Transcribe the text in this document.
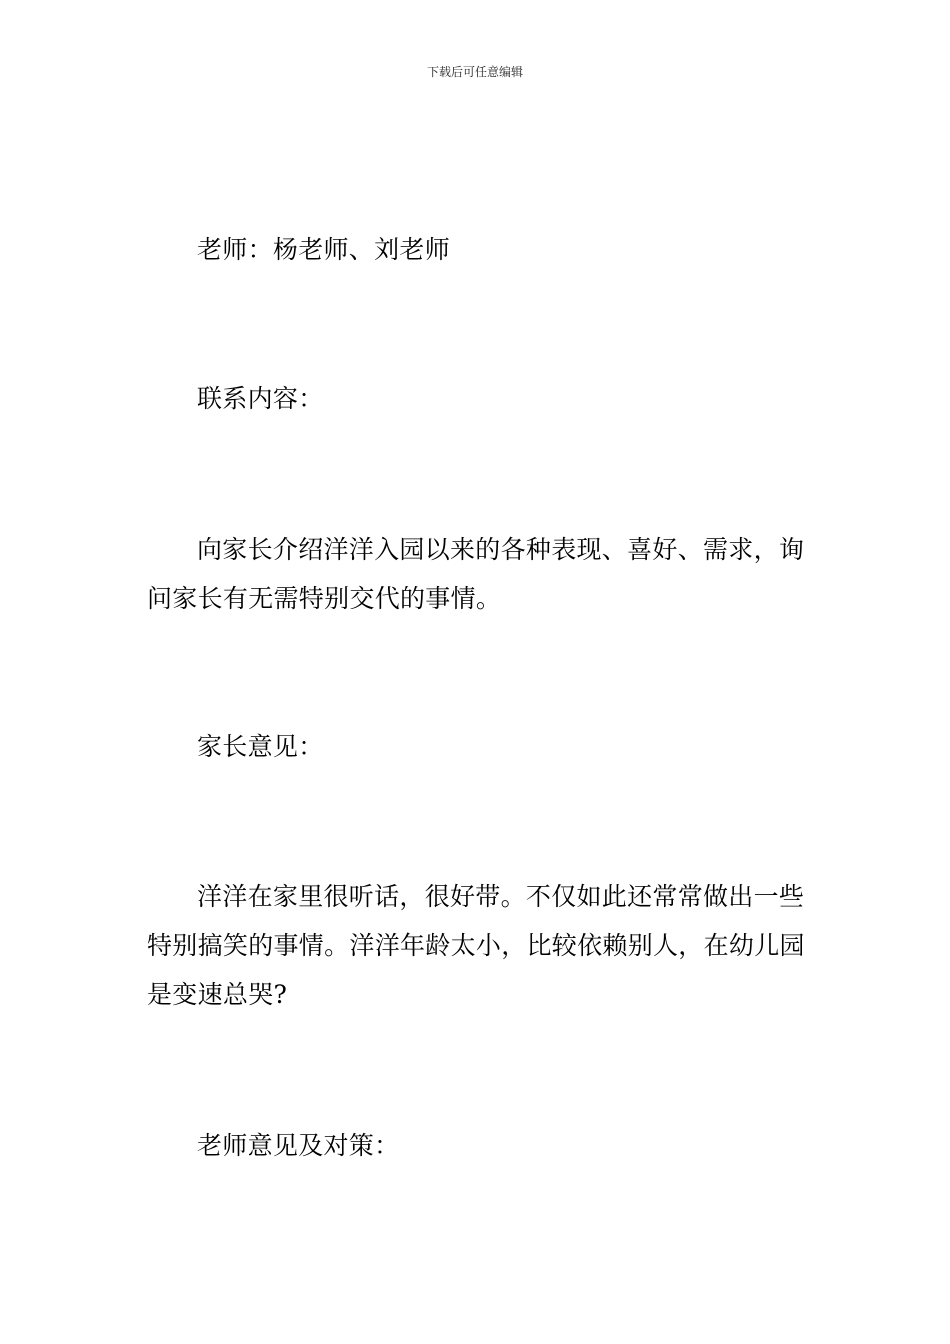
下载后可任意编辑

老师：杨老师、刘老师

联系内容：

向家长介绍洋洋入园以来的各种表现、喜好、需求，询问家长有无需特别交代的事情。

家长意见：

洋洋在家里很听话，很好带。不仅如此还常常做出一些特别搞笑的事情。洋洋年龄太小，比较依赖别人，在幼儿园是变速总哭?

老师意见及对策：
